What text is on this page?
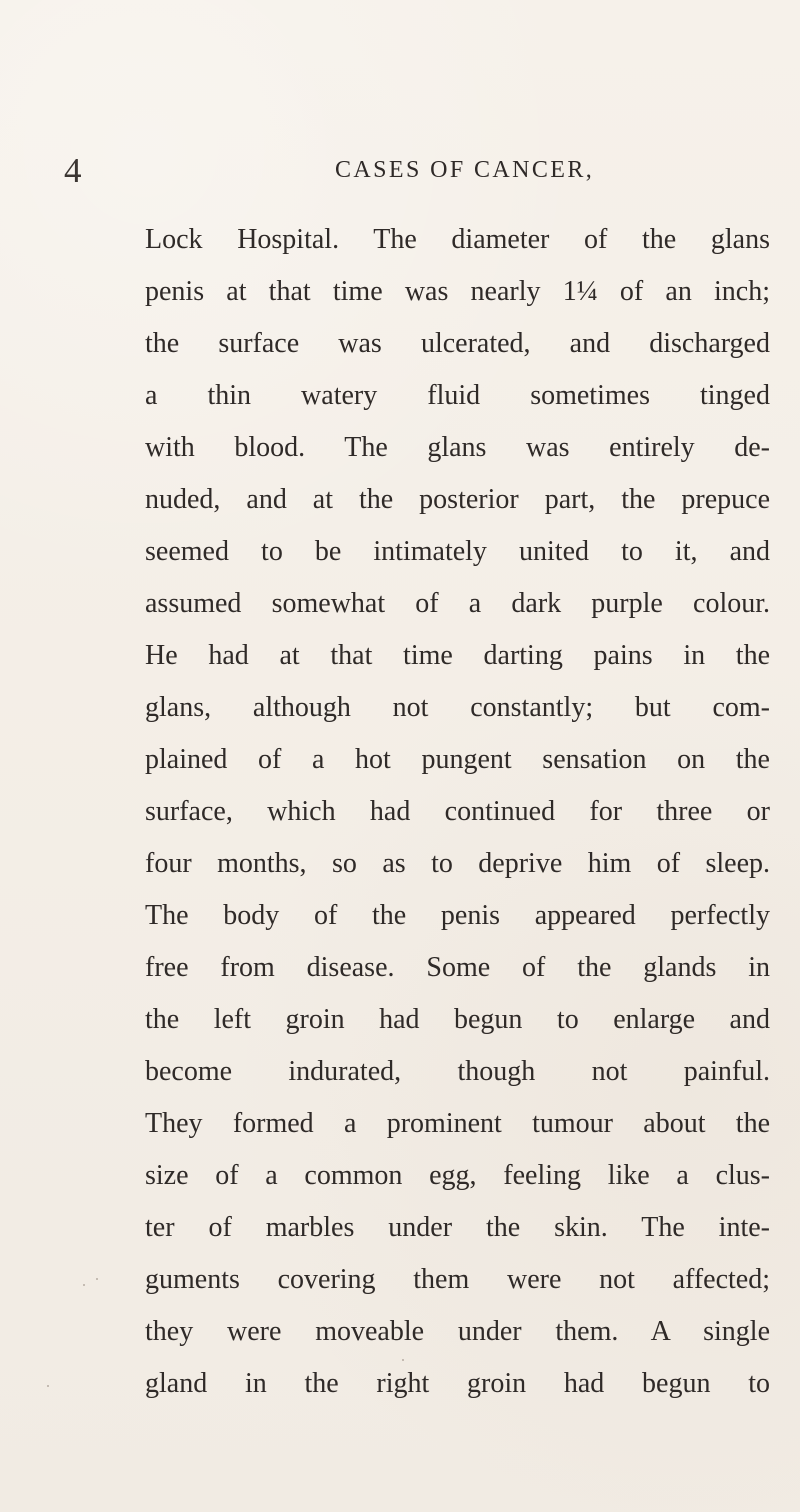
4	CASES OF CANCER,
Lock Hospital. The diameter of the glans
penis at that time was nearly 1¼ of an inch;
the surface was ulcerated, and discharged
a thin watery fluid sometimes tinged
with blood. The glans was entirely de-
nuded, and at the posterior part, the prepuce
seemed to be intimately united to it, and
assumed somewhat of a dark purple colour.
He had at that time darting pains in the
glans, although not constantly; but com-
plained of a hot pungent sensation on the
surface, which had continued for three or
four months, so as to deprive him of sleep.
The body of the penis appeared perfectly
free from disease. Some of the glands in
the left groin had begun to enlarge and
become indurated, though not painful.
They formed a prominent tumour about the
size of a common egg, feeling like a clus-
ter of marbles under the skin. The inte-
guments covering them were not affected;
they were moveable under them. A single
gland in the right groin had begun to
